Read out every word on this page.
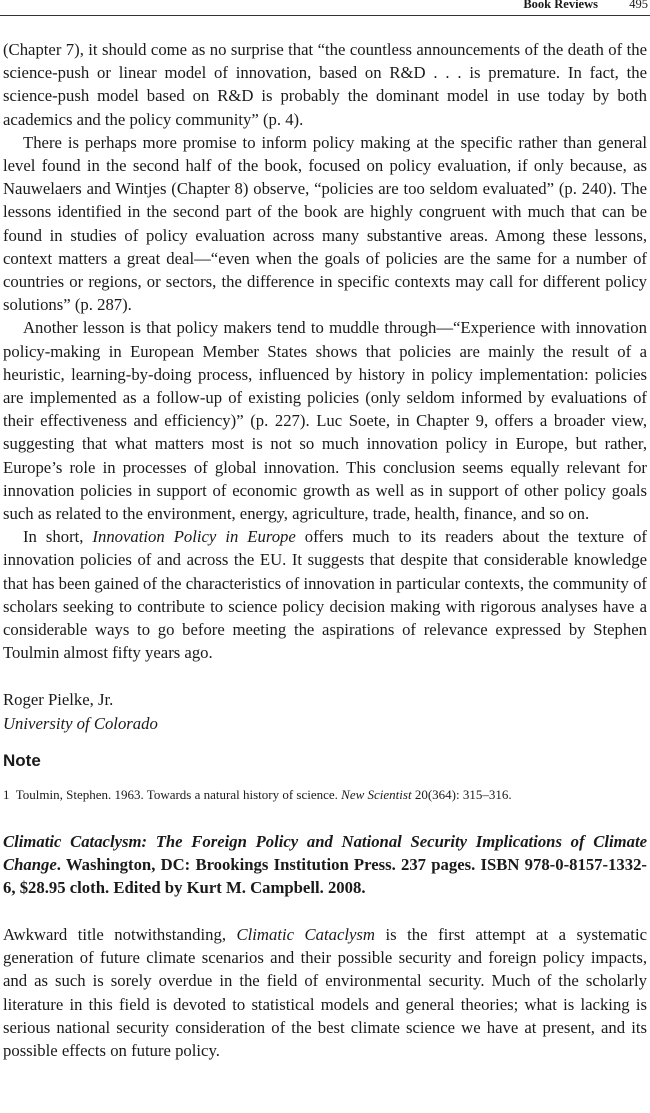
Book Reviews	495

(Chapter 7), it should come as no surprise that “the countless announcements of the death of the science-push or linear model of innovation, based on R&D . . . is premature. In fact, the science-push model based on R&D is probably the dominant model in use today by both academics and the policy community” (p. 4).

There is perhaps more promise to inform policy making at the specific rather than general level found in the second half of the book, focused on policy evaluation, if only because, as Nauwelaers and Wintjes (Chapter 8) observe, “policies are too seldom evaluated” (p. 240). The lessons identified in the second part of the book are highly congruent with much that can be found in studies of policy evaluation across many substantive areas. Among these lessons, context matters a great deal—“even when the goals of policies are the same for a number of countries or regions, or sectors, the difference in specific contexts may call for different policy solutions” (p. 287).

Another lesson is that policy makers tend to muddle through—“Experience with innovation policy-making in European Member States shows that policies are mainly the result of a heuristic, learning-by-doing process, influenced by history in policy implementation: policies are implemented as a follow-up of existing policies (only seldom informed by evaluations of their effectiveness and efficiency)” (p. 227). Luc Soete, in Chapter 9, offers a broader view, suggesting that what matters most is not so much innovation policy in Europe, but rather, Europe’s role in processes of global innovation. This conclusion seems equally relevant for innovation policies in support of economic growth as well as in support of other policy goals such as related to the environment, energy, agriculture, trade, health, finance, and so on.

In short, Innovation Policy in Europe offers much to its readers about the texture of innovation policies of and across the EU. It suggests that despite that considerable knowledge that has been gained of the characteristics of innovation in particular contexts, the community of scholars seeking to contribute to science policy decision making with rigorous analyses have a considerable ways to go before meeting the aspirations of relevance expressed by Stephen Toulmin almost fifty years ago.

Roger Pielke, Jr.

University of Colorado

Note

1 Toulmin, Stephen. 1963. Towards a natural history of science. New Scientist 20(364): 315–316.

Climatic Cataclysm: The Foreign Policy and National Security Implications of Climate Change. Washington, DC: Brookings Institution Press. 237 pages. ISBN 978-0-8157-1332-6, $28.95 cloth. Edited by Kurt M. Campbell. 2008.

Awkward title notwithstanding, Climatic Cataclysm is the first attempt at a systematic generation of future climate scenarios and their possible security and foreign policy impacts, and as such is sorely overdue in the field of environmental security. Much of the scholarly literature in this field is devoted to statistical models and general theories; what is lacking is serious national security consideration of the best climate science we have at present, and its possible effects on future policy.
